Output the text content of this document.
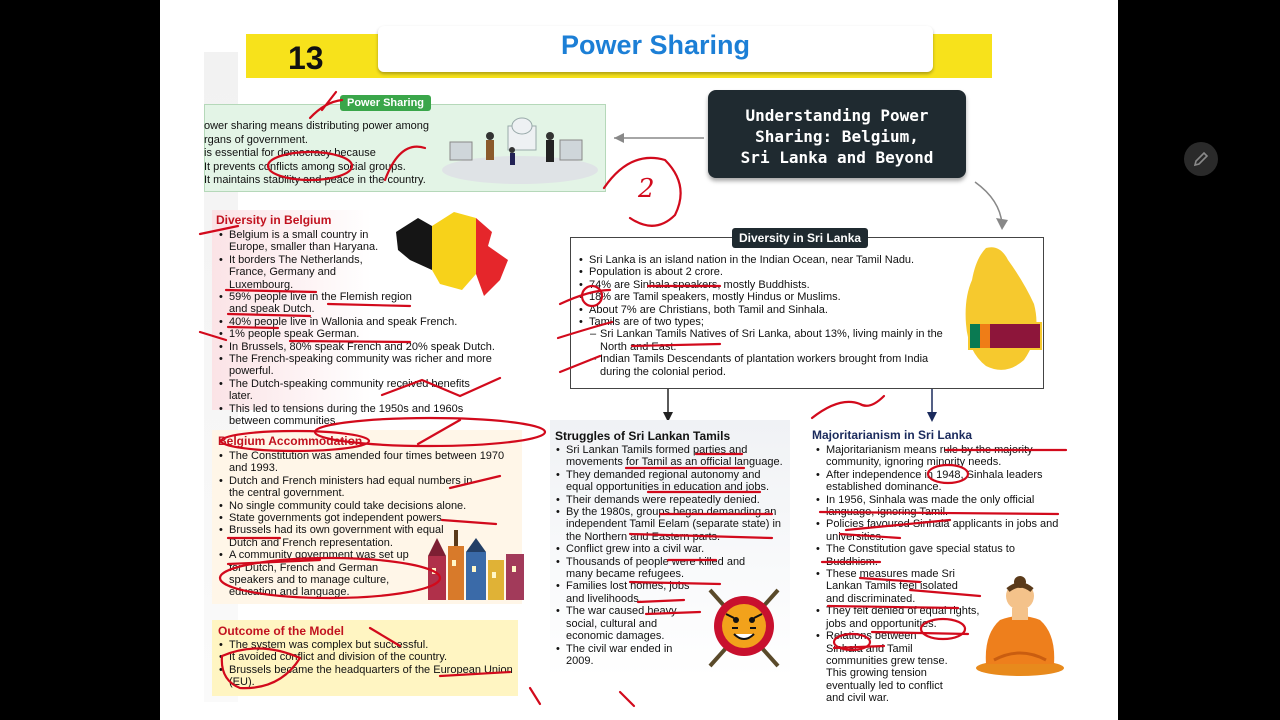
13	Power Sharing
Power Sharing
ower sharing means distributing power among
rgans of government.
is essential for democracy because
It prevents conflicts among social groups.
It maintains stability and peace in the country.
Understanding Power
Sharing: Belgium,
Sri Lanka and Beyond
Diversity in Belgium
• Belgium is a small country in Europe, smaller than Haryana.
• It borders The Netherlands, France, Germany and Luxembourg.
• 59% people live in the Flemish region and speak Dutch.
• 40% people live in Wallonia and speak French.
• 1% people speak German.
• In Brussels, 80% speak French and 20% speak Dutch.
• The French-speaking community was richer and more powerful.
• The Dutch-speaking community received benefits later.
• This led to tensions during the 1950s and 1960s between communities.
Belgium Accommodation
• The Constitution was amended four times between 1970 and 1993.
• Dutch and French ministers had equal numbers in the central government.
• No single community could take decisions alone.
• State governments got independent powers.
• Brussels had its own government with equal Dutch and French representation.
• A community government was set up for Dutch, French and German speakers and to manage culture, education and language.
Outcome of the Model
• The system was complex but successful.
• It avoided conflict and division of the country.
• Brussels became the headquarters of the European Union (EU).
Diversity in Sri Lanka
• Sri Lanka is an island nation in the Indian Ocean, near Tamil Nadu.
• Population is about 2 crore.
• 74% are Sinhala speakers, mostly Buddhists.
• 18% are Tamil speakers, mostly Hindus or Muslims.
• About 7% are Christians, both Tamil and Sinhala.
• Tamils are of two types;
– Sri Lankan Tamils Natives of Sri Lanka, about 13%, living mainly in the North and East.
– Indian Tamils Descendants of plantation workers brought from India during the colonial period.
Struggles of Sri Lankan Tamils
• Sri Lankan Tamils formed parties and movements for Tamil as an official language.
• They demanded regional autonomy and equal opportunities in education and jobs.
• Their demands were repeatedly denied.
• By the 1980s, groups began demanding an independent Tamil Eelam (separate state) in the Northern and Eastern parts.
• Conflict grew into a civil war.
• Thousands of people were killed and many became refugees.
• Families lost homes, jobs and livelihoods.
• The war caused heavy social, cultural and economic damages.
• The civil war ended in 2009.
Majoritarianism in Sri Lanka
• Majoritarianism means rule by the majority community, ignoring minority needs.
• After independence in 1948, Sinhala leaders established dominance.
• In 1956, Sinhala was made the only official language, ignoring Tamil.
• Policies favoured Sinhala applicants in jobs and universities.
• The Constitution gave special status to Buddhism.
• These measures made Sri Lankan Tamils feel isolated and discriminated.
• They felt denied of equal rights, jobs and opportunities.
• Relations between Sinhala and Tamil communities grew tense. This growing tension eventually led to conflict and civil war.
2
